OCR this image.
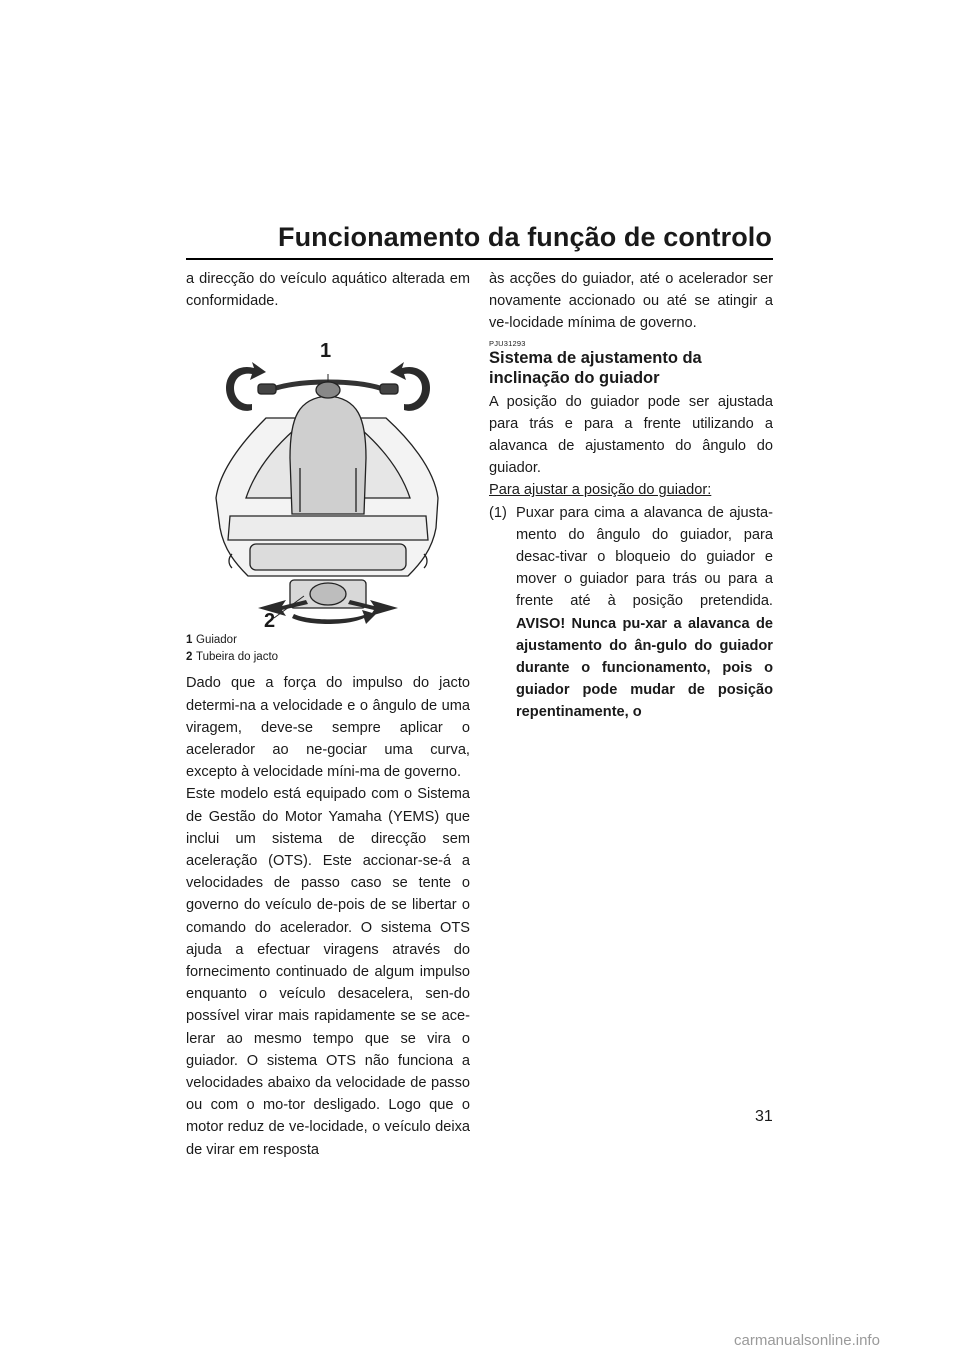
Funcionamento da função de controlo

a direcção do veículo aquático alterada em conformidade.

1
2
1 Guiador
2 Tubeira do jacto

Dado que a força do impulso do jacto determi-na a velocidade e o ângulo de uma viragem, deve-se sempre aplicar o acelerador ao ne-gociar uma curva, excepto à velocidade míni-ma de governo.

Este modelo está equipado com o Sistema de Gestão do Motor Yamaha (YEMS) que inclui um sistema de direcção sem aceleração (OTS). Este accionar-se-á a velocidades de passo caso se tente o governo do veículo de-pois de se libertar o comando do acelerador. O sistema OTS ajuda a efectuar viragens através do fornecimento continuado de algum impulso enquanto o veículo desacelera, sen-do possível virar mais rapidamente se se ace-lerar ao mesmo tempo que se vira o guiador. O sistema OTS não funciona a velocidades abaixo da velocidade de passo ou com o mo-tor desligado. Logo que o motor reduz de ve-locidade, o veículo deixa de virar em resposta

às acções do guiador, até o acelerador ser novamente accionado ou até se atingir a ve-locidade mínima de governo.

PJU31293
Sistema de ajustamento da inclinação do guiador

A posição do guiador pode ser ajustada para trás e para a frente utilizando a alavanca de ajustamento do ângulo do guiador.

Para ajustar a posição do guiador:

(1) Puxar para cima a alavanca de ajusta-mento do ângulo do guiador, para desac-tivar o bloqueio do guiador e mover o guiador para trás ou para a frente até à posição pretendida. AVISO! Nunca pu-xar a alavanca de ajustamento do ân-gulo do guiador durante o funcionamento, pois o guiador pode mudar de posição repentinamente, o
31
carmanualsonline.info
